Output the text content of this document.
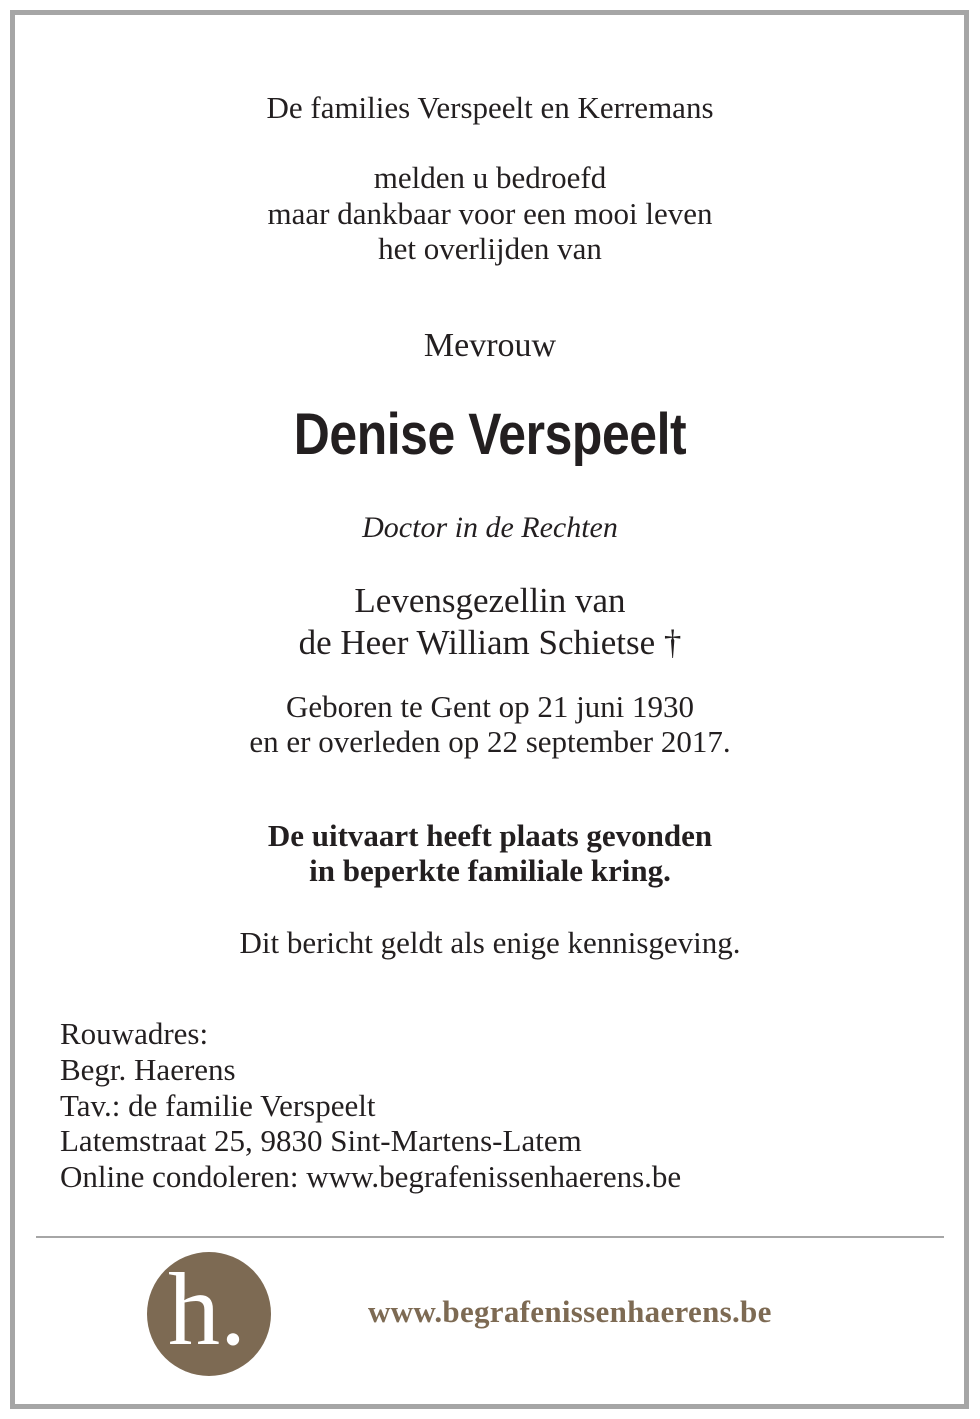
De families Verspeelt en Kerremans
melden u bedroefd
maar dankbaar voor een mooi leven
het overlijden van
Mevrouw
Denise Verspeelt
Doctor in de Rechten
Levensgezellin van
de Heer William Schietse †
Geboren te Gent op 21 juni 1930
en er overleden op 22 september 2017.
De uitvaart heeft plaats gevonden
in beperkte familiale kring.
Dit bericht geldt als enige kennisgeving.
Rouwadres:
Begr. Haerens
Tav.: de familie Verspeelt
Latemstraat 25, 9830 Sint-Martens-Latem
Online condoleren: www.begrafenissenhaerens.be
h.	www.begrafenissenhaerens.be
